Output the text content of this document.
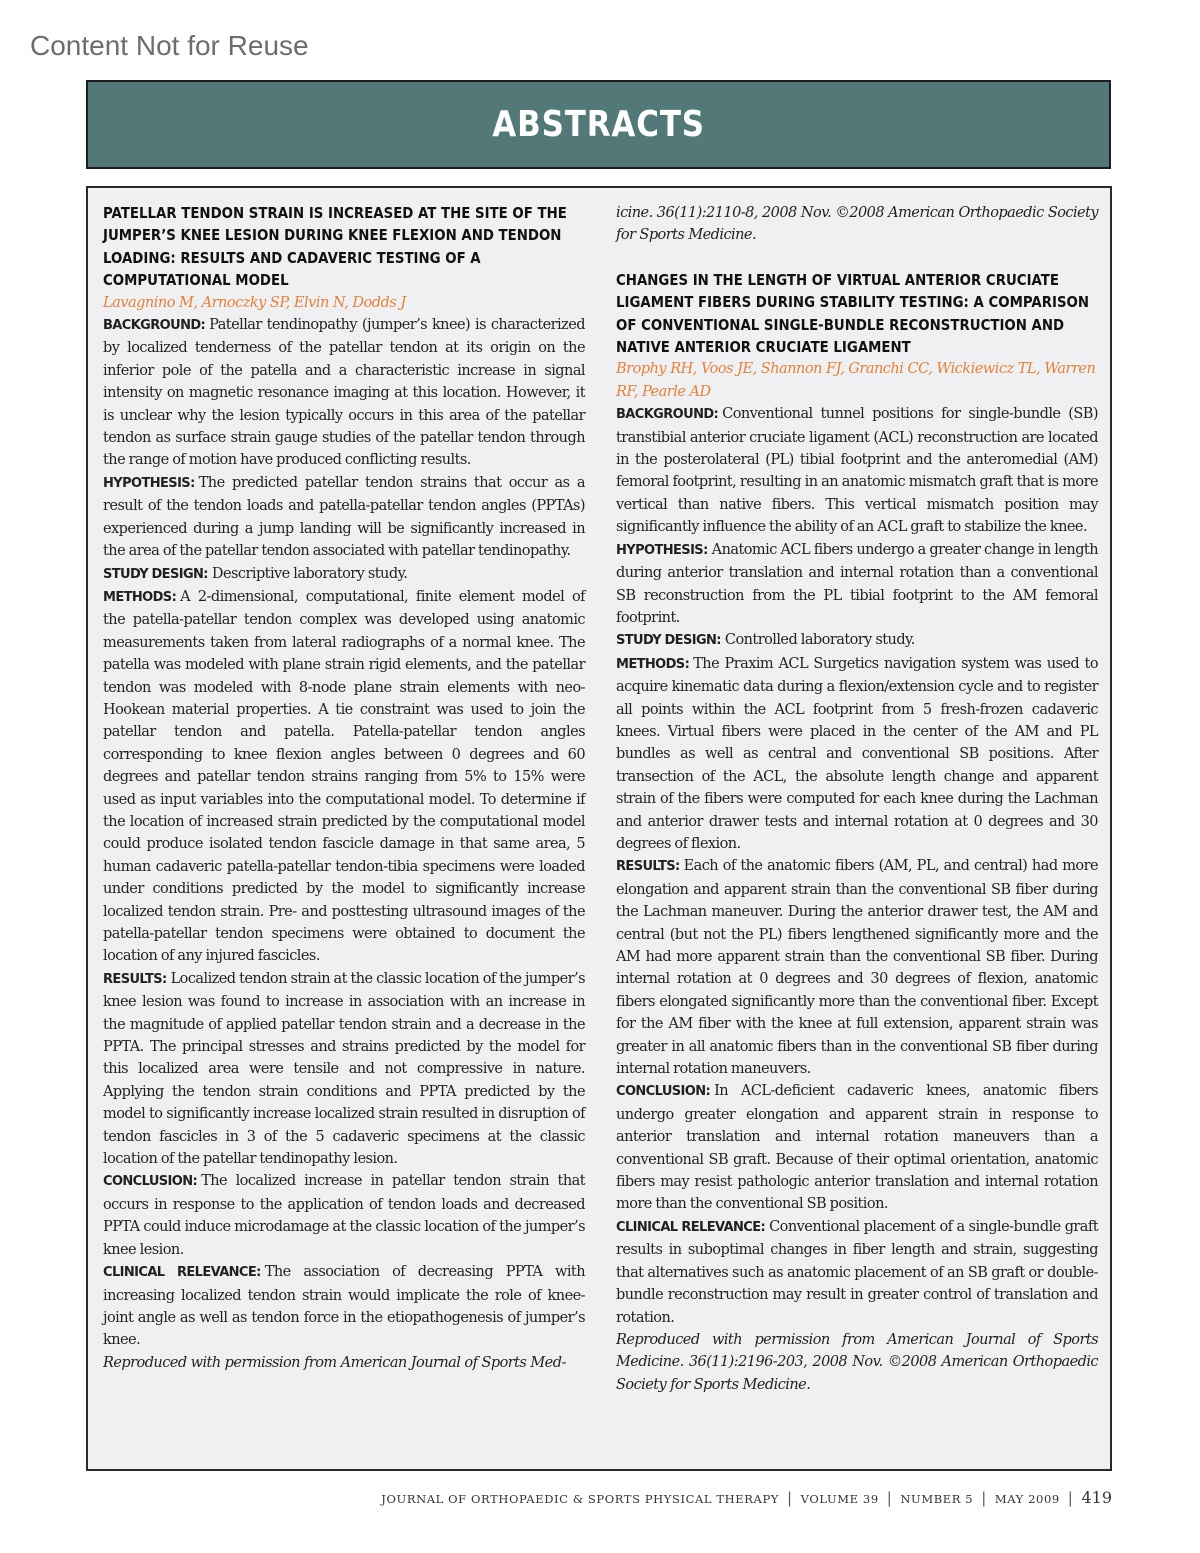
Content Not for Reuse
ABSTRACTS
PATELLAR TENDON STRAIN IS INCREASED AT THE SITE OF THE JUMPER’S KNEE LESION DURING KNEE FLEXION AND TENDON LOADING: RESULTS AND CADAVERIC TESTING OF A COMPUTATIONAL MODEL

Lavagnino M, Arnoczky SP, Elvin N, Dodds J

BACKGROUND: Patellar tendinopathy (jumper’s knee) is characterized by localized tenderness of the patellar tendon at its origin on the inferior pole of the patella and a characteristic increase in signal intensity on magnetic resonance imaging at this location. However, it is unclear why the lesion typically occurs in this area of the patellar tendon as surface strain gauge studies of the patellar tendon through the range of motion have produced conflicting results.

HYPOTHESIS: The predicted patellar tendon strains that occur as a result of the tendon loads and patella-patellar tendon angles (PPTAs) experienced during a jump landing will be significantly increased in the area of the patellar tendon associated with patellar tendinopathy.

STUDY DESIGN: Descriptive laboratory study.

METHODS: A 2-dimensional, computational, finite element model of the patella-patellar tendon complex was developed using anatomic measurements taken from lateral radiographs of a normal knee. The patella was modeled with plane strain rigid elements, and the patellar tendon was modeled with 8-node plane strain elements with neo-Hookean material properties. A tie constraint was used to join the patellar tendon and patella. Patella-patellar tendon angles corresponding to knee flexion angles between 0 degrees and 60 degrees and patellar tendon strains ranging from 5% to 15% were used as input variables into the computational model. To determine if the location of increased strain predicted by the computational model could produce isolated tendon fascicle damage in that same area, 5 human cadaveric patella-patellar tendon-tibia specimens were loaded under conditions predicted by the model to significantly increase localized tendon strain. Pre- and posttesting ultrasound images of the patella-patellar tendon specimens were obtained to document the location of any injured fascicles.

RESULTS: Localized tendon strain at the classic location of the jumper’s knee lesion was found to increase in association with an increase in the magnitude of applied patellar tendon strain and a decrease in the PPTA. The principal stresses and strains predicted by the model for this localized area were tensile and not compressive in nature. Applying the tendon strain conditions and PPTA predicted by the model to significantly increase localized strain resulted in disruption of tendon fascicles in 3 of the 5 cadaveric specimens at the classic location of the patellar tendinopathy lesion.

CONCLUSION: The localized increase in patellar tendon strain that occurs in response to the application of tendon loads and decreased PPTA could induce microdamage at the classic location of the jumper’s knee lesion.

CLINICAL RELEVANCE: The association of decreasing PPTA with increasing localized tendon strain would implicate the role of knee-joint angle as well as tendon force in the etiopathogenesis of jumper’s knee.

Reproduced with permission from American Journal of Sports Med-

icine. 36(11):2110-8, 2008 Nov. ©2008 American Orthopaedic Society for Sports Medicine.

CHANGES IN THE LENGTH OF VIRTUAL ANTERIOR CRUCIATE LIGAMENT FIBERS DURING STABILITY TESTING: A COMPARISON OF CONVENTIONAL SINGLE-BUNDLE RECONSTRUCTION AND NATIVE ANTERIOR CRUCIATE LIGAMENT

Brophy RH, Voos JE, Shannon FJ, Granchi CC, Wickiewicz TL, Warren RF, Pearle AD

BACKGROUND: Conventional tunnel positions for single-bundle (SB) transtibial anterior cruciate ligament (ACL) reconstruction are located in the posterolateral (PL) tibial footprint and the anteromedial (AM) femoral footprint, resulting in an anatomic mismatch graft that is more vertical than native fibers. This vertical mismatch position may significantly influence the ability of an ACL graft to stabilize the knee.

HYPOTHESIS: Anatomic ACL fibers undergo a greater change in length during anterior translation and internal rotation than a conventional SB reconstruction from the PL tibial footprint to the AM femoral footprint.

STUDY DESIGN: Controlled laboratory study.

METHODS: The Praxim ACL Surgetics navigation system was used to acquire kinematic data during a flexion/extension cycle and to register all points within the ACL footprint from 5 fresh-frozen cadaveric knees. Virtual fibers were placed in the center of the AM and PL bundles as well as central and conventional SB positions. After transection of the ACL, the absolute length change and apparent strain of the fibers were computed for each knee during the Lachman and anterior drawer tests and internal rotation at 0 degrees and 30 degrees of flexion.

RESULTS: Each of the anatomic fibers (AM, PL, and central) had more elongation and apparent strain than the conventional SB fiber during the Lachman maneuver. During the anterior drawer test, the AM and central (but not the PL) fibers lengthened significantly more and the AM had more apparent strain than the conventional SB fiber. During internal rotation at 0 degrees and 30 degrees of flexion, anatomic fibers elongated significantly more than the conventional fiber. Except for the AM fiber with the knee at full extension, apparent strain was greater in all anatomic fibers than in the conventional SB fiber during internal rotation maneuvers.

CONCLUSION: In ACL-deficient cadaveric knees, anatomic fibers undergo greater elongation and apparent strain in response to anterior translation and internal rotation maneuvers than a conventional SB graft. Because of their optimal orientation, anatomic fibers may resist pathologic anterior translation and internal rotation more than the conventional SB position.

CLINICAL RELEVANCE: Conventional placement of a single-bundle graft results in suboptimal changes in fiber length and strain, suggesting that alternatives such as anatomic placement of an SB graft or double-bundle reconstruction may result in greater control of translation and rotation.

Reproduced with permission from American Journal of Sports Medicine. 36(11):2196-203, 2008 Nov. ©2008 American Orthopaedic Society for Sports Medicine.

JOURNAL OF ORTHOPAEDIC & SPORTS PHYSICAL THERAPY | VOLUME 39 | NUMBER 5 | MAY 2009 | 419
